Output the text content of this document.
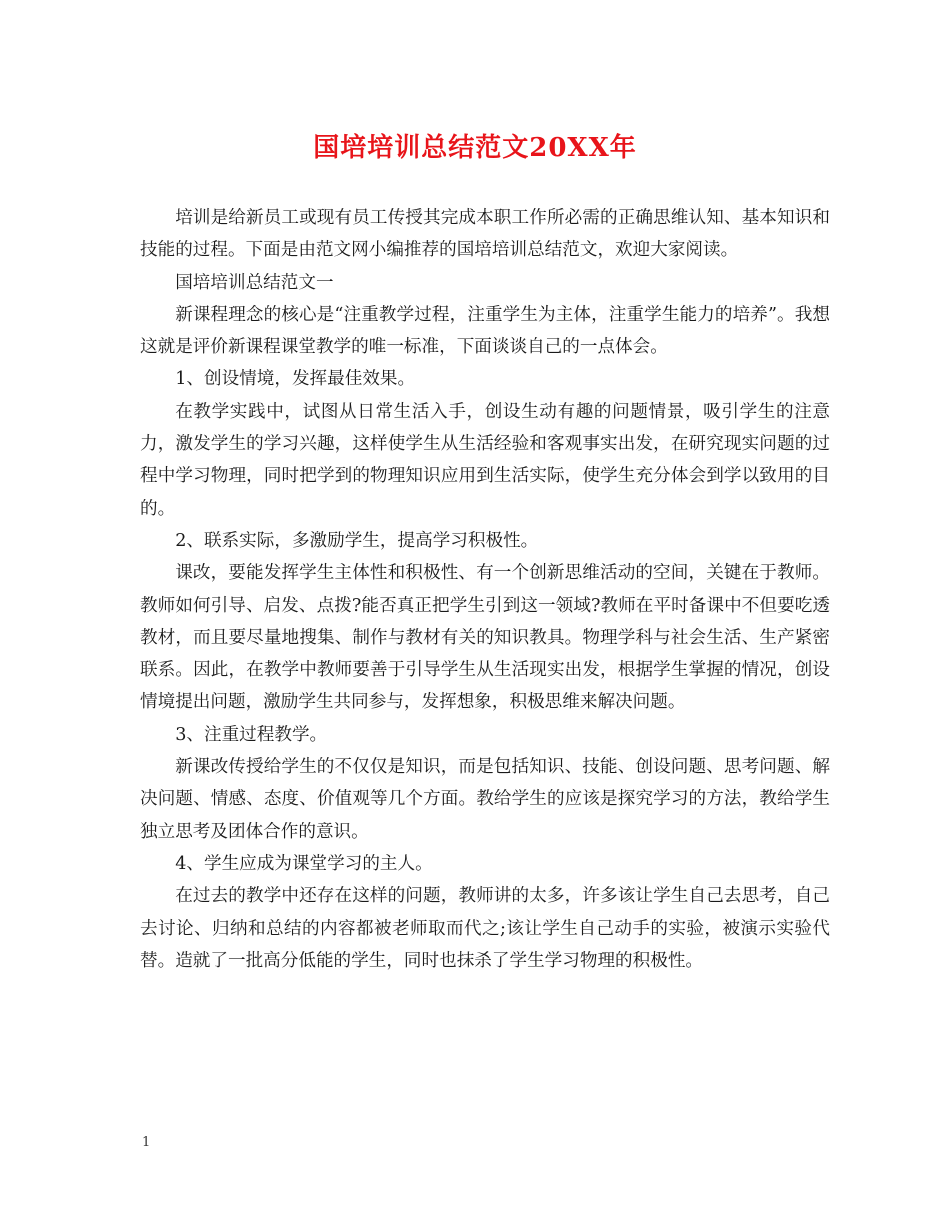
国培培训总结范文20XX年

培训是给新员工或现有员工传授其完成本职工作所必需的正确思维认知、基本知识和技能的过程。下面是由范文网小编推荐的国培培训总结范文，欢迎大家阅读。

国培培训总结范文一

新课程理念的核心是“注重教学过程，注重学生为主体，注重学生能力的培养”。我想这就是评价新课程课堂教学的唯一标准，下面谈谈自己的一点体会。

1、创设情境，发挥最佳效果。

在教学实践中，试图从日常生活入手，创设生动有趣的问题情景，吸引学生的注意力，激发学生的学习兴趣，这样使学生从生活经验和客观事实出发，在研究现实问题的过程中学习物理，同时把学到的物理知识应用到生活实际，使学生充分体会到学以致用的目的。

2、联系实际，多激励学生，提高学习积极性。

课改，要能发挥学生主体性和积极性、有一个创新思维活动的空间，关键在于教师。教师如何引导、启发、点拨?能否真正把学生引到这一领域?教师在平时备课中不但要吃透教材，而且要尽量地搜集、制作与教材有关的知识教具。物理学科与社会生活、生产紧密联系。因此，在教学中教师要善于引导学生从生活现实出发，根据学生掌握的情况，创设情境提出问题，激励学生共同参与，发挥想象，积极思维来解决问题。

3、注重过程教学。

新课改传授给学生的不仅仅是知识，而是包括知识、技能、创设问题、思考问题、解决问题、情感、态度、价值观等几个方面。教给学生的应该是探究学习的方法，教给学生独立思考及团体合作的意识。

4、学生应成为课堂学习的主人。

在过去的教学中还存在这样的问题，教师讲的太多，许多该让学生自己去思考，自己去讨论、归纳和总结的内容都被老师取而代之;该让学生自己动手的实验，被演示实验代替。造就了一批高分低能的学生，同时也抹杀了学生学习物理的积极性。

1
